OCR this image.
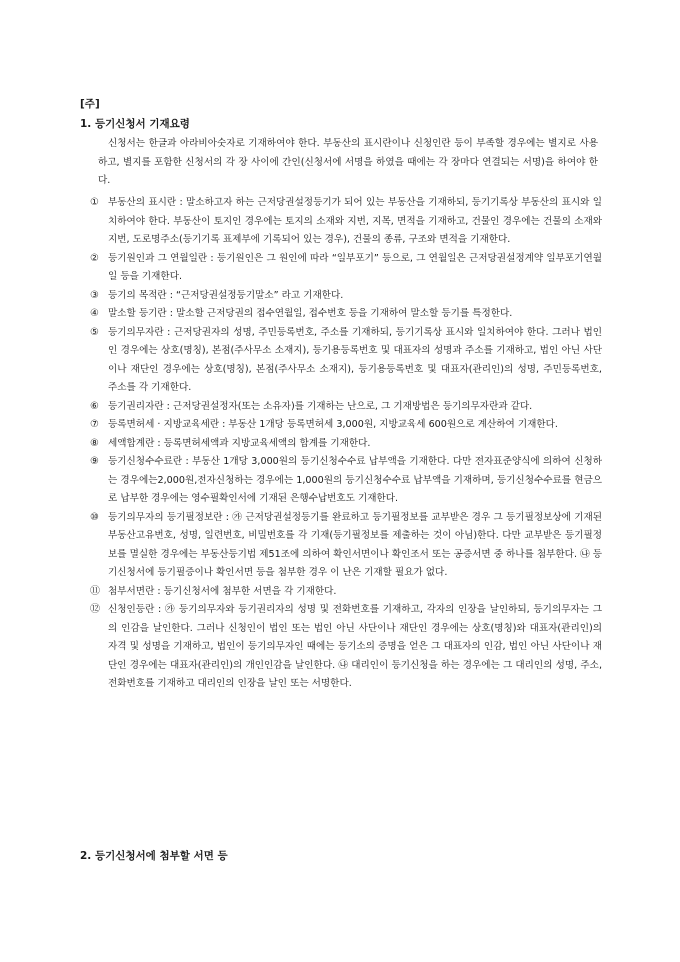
[주]
1. 등기신청서 기재요령

신청서는 한글과 아라비아숫자로 기재하여야 한다. 부동산의 표시란이나 신청인란 등이 부족할 경우에는 별지로 사용하고, 별지를 포함한 신청서의 각 장 사이에 간인(신청서에 서명을 하였을 때에는 각 장마다 연결되는 서명)을 하여야 한다.

① 부동산의 표시란 : 말소하고자 하는 근저당권설정등기가 되어 있는 부동산을 기재하되, 등기기록상 부동산의 표시와 일치하여야 한다. 부동산이 토지인 경우에는 토지의 소재와 지번, 지목, 면적을 기재하고, 건물인 경우에는 건물의 소재와 지번, 도로명주소(등기기록 표제부에 기록되어 있는 경우), 건물의 종류, 구조와 면적을 기재한다.
② 등기원인과 그 연월일란 : 등기원인은 그 원인에 따라 “일부포기” 등으로, 그 연월일은 근저당권설정계약 일부포기연월일 등을 기재한다.
③ 등기의 목적란 : “근저당권설정등기말소” 라고 기재한다.
④ 말소할 등기란 : 말소할 근저당권의 접수연월일, 접수번호 등을 기재하여 말소할 등기를 특정한다.
⑤ 등기의무자란 : 근저당권자의 성명, 주민등록번호, 주소를 기재하되, 등기기록상 표시와 일치하여야 한다. 그러나 법인인 경우에는 상호(명칭), 본점(주사무소 소재지), 등기용등록번호 및 대표자의 성명과 주소를 기재하고, 법인 아닌 사단이나 재단인 경우에는 상호(명칭), 본점(주사무소 소재지), 등기용등록번호 및 대표자(관리인)의 성명, 주민등록번호, 주소를 각 기재한다.
⑥ 등기권리자란 : 근저당권설정자(또는 소유자)를 기재하는 난으로, 그 기재방법은 등기의무자란과 같다.
⑦ 등록면허세 · 지방교육세란 : 부동산 1개당 등록면허세 3,000원, 지방교육세 600원으로 계산하여 기재한다.
⑧ 세액합계란 : 등록면허세액과 지방교육세액의 합계를 기재한다.
⑨ 등기신청수수료란 : 부동산 1개당 3,000원의 등기신청수수료 납부액을 기재한다. 다만 전자표준양식에 의하여 신청하는 경우에는2,000원,전자신청하는 경우에는 1,000원의 등기신청수수료 납부액을 기재하며, 등기신청수수료를 현금으로 납부한 경우에는 영수필확인서에 기재된 은행수납번호도 기재한다.
⑩ 등기의무자의 등기필정보란 : ㉮ 근저당권설정등기를 완료하고 등기필정보를 교부받은 경우 그 등기필정보상에 기재된 부동산고유번호, 성명, 일련번호, 비밀번호를 각 기재(등기필정보를 제출하는 것이 아님)한다. 다만 교부받은 등기필정보를 멸실한 경우에는 부동산등기법 제51조에 의하여 확인서면이나 확인조서 또는 공증서면 중 하나를 첨부한다. ㉯ 등기신청서에 등기필증이나 확인서면 등을 첨부한 경우 이 난은 기재할 필요가 없다.
⑪ 첨부서면란 : 등기신청서에 첨부한 서면을 각 기재한다.
⑫ 신청인등란 : ㉮ 등기의무자와 등기권리자의 성명 및 전화번호를 기재하고, 각자의 인장을 날인하되, 등기의무자는 그의 인감을 날인한다. 그러나 신청인이 법인 또는 법인 아닌 사단이나 재단인 경우에는 상호(명칭)와 대표자(관리인)의 자격 및 성명을 기재하고, 법인이 등기의무자인 때에는 등기소의 증명을 얻은 그 대표자의 인감, 법인 아닌 사단이나 재단인 경우에는 대표자(관리인)의 개인인감을 날인한다. ㉯ 대리인이 등기신청을 하는 경우에는 그 대리인의 성명, 주소, 전화번호를 기재하고 대리인의 인장을 날인 또는 서명한다.
2. 등기신청서에 첨부할 서면 등
